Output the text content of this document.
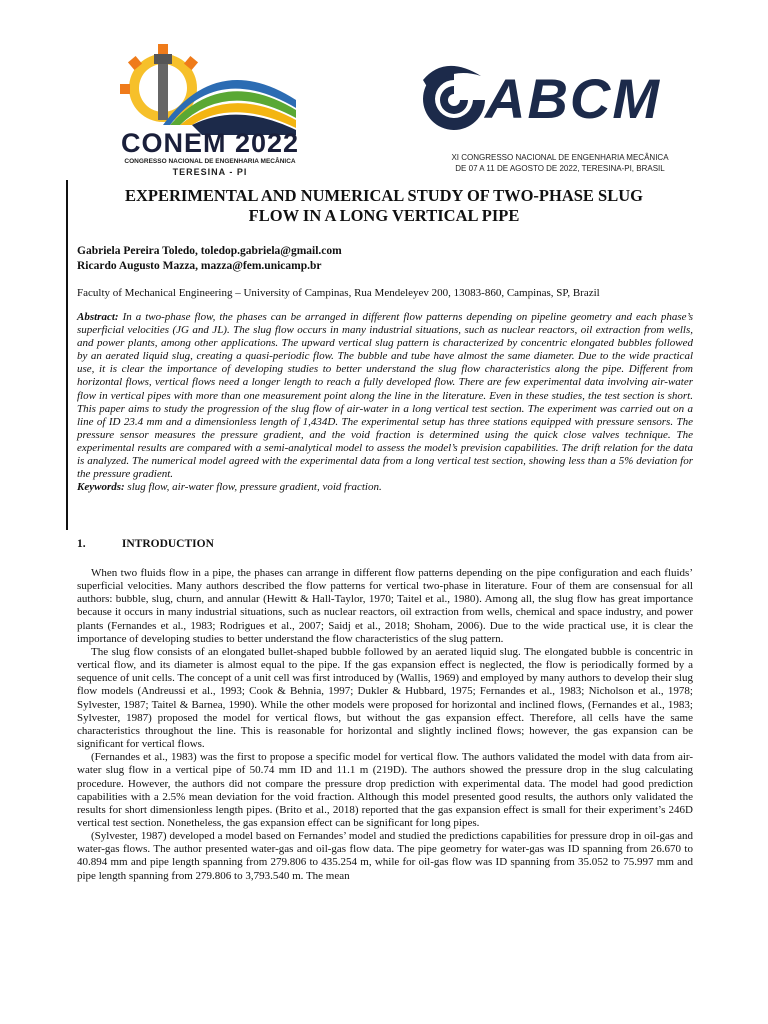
CONEM 2022
CONGRESSO NACIONAL DE ENGENHARIA MECÂNICA
TERESINA - PI
ABCM
XI CONGRESSO NACIONAL DE ENGENHARIA MECÂNICA
DE 07 A 11 DE AGOSTO DE 2022, TERESINA-PI, BRASIL
EXPERIMENTAL AND NUMERICAL STUDY OF TWO-PHASE SLUG
FLOW IN A LONG VERTICAL PIPE
Gabriela Pereira Toledo, toledop.gabriela@gmail.com
Ricardo Augusto Mazza, mazza@fem.unicamp.br
Faculty of Mechanical Engineering – University of Campinas, Rua Mendeleyev 200, 13083-860, Campinas, SP, Brazil
Abstract: In a two-phase flow, the phases can be arranged in different flow patterns depending on pipeline geometry and each phase’s superficial velocities (JG and JL). The slug flow occurs in many industrial situations, such as nuclear reactors, oil extraction from wells, and power plants, among other applications. The upward vertical slug pattern is characterized by concentric elongated bubbles followed by an aerated liquid slug, creating a quasi-periodic flow. The bubble and tube have almost the same diameter. Due to the wide practical use, it is clear the importance of developing studies to better understand the slug flow characteristics along the pipe. Different from horizontal flows, vertical flows need a longer length to reach a fully developed flow. There are few experimental data involving air-water flow in vertical pipes with more than one measurement point along the line in the literature. Even in these studies, the test section is short. This paper aims to study the progression of the slug flow of air-water in a long vertical test section. The experiment was carried out on a line of ID 23.4 mm and a dimensionless length of 1,434D. The experimental setup has three stations equipped with pressure sensors. The pressure sensor measures the pressure gradient, and the void fraction is determined using the quick close valves technique. The experimental results are compared with a semi-analytical model to assess the model’s prevision capabilities. The drift relation for the data is analyzed. The numerical model agreed with the experimental data from a long vertical test section, showing less than a 5% deviation for the pressure gradient.
Keywords: slug flow, air-water flow, pressure gradient, void fraction.
1.	INTRODUCTION

When two fluids flow in a pipe, the phases can arrange in different flow patterns depending on the pipe configuration and each fluids’ superficial velocities. Many authors described the flow patterns for vertical two-phase in literature. Four of them are consensual for all authors: bubble, slug, churn, and annular (Hewitt & Hall-Taylor, 1970; Taitel et al., 1980). Among all, the slug flow has great importance because it occurs in many industrial situations, such as nuclear reactors, oil extraction from wells, chemical and space industry, and power plants (Fernandes et al., 1983; Rodrigues et al., 2007; Saidj et al., 2018; Shoham, 2006). Due to the wide practical use, it is clear the importance of developing studies to better understand the flow characteristics of the slug pattern.

The slug flow consists of an elongated bullet-shaped bubble followed by an aerated liquid slug. The elongated bubble is concentric in vertical flow, and its diameter is almost equal to the pipe. If the gas expansion effect is neglected, the flow is periodically formed by a sequence of unit cells. The concept of a unit cell was first introduced by (Wallis, 1969) and employed by many authors to develop their slug flow models (Andreussi et al., 1993; Cook & Behnia, 1997; Dukler & Hubbard, 1975; Fernandes et al., 1983; Nicholson et al., 1978; Sylvester, 1987; Taitel & Barnea, 1990). While the other models were proposed for horizontal and inclined flows, (Fernandes et al., 1983; Sylvester, 1987) proposed the model for vertical flows, but without the gas expansion effect. Therefore, all cells have the same characteristics throughout the line. This is reasonable for horizontal and slightly inclined flows; however, the gas expansion can be significant for vertical flows.

(Fernandes et al., 1983) was the first to propose a specific model for vertical flow. The authors validated the model with data from air-water slug flow in a vertical pipe of 50.74 mm ID and 11.1 m (219D). The authors showed the pressure drop in the slug calculating procedure. However, the authors did not compare the pressure drop prediction with experimental data. The model had good prediction capabilities with a 2.5% mean deviation for the void fraction. Although this model presented good results, the authors only validated the results for short dimensionless length pipes. (Brito et al., 2018) reported that the gas expansion effect is small for their experiment’s 246D vertical test section. Nonetheless, the gas expansion effect can be significant for long pipes.

(Sylvester, 1987) developed a model based on Fernandes’ model and studied the predictions capabilities for pressure drop in oil-gas and water-gas flows. The author presented water-gas and oil-gas flow data. The pipe geometry for water-gas was ID spanning from 26.670 to 40.894 mm and pipe length spanning from 279.806 to 435.254 m, while for oil-gas flow was ID spanning from 35.052 to 75.997 mm and pipe length spanning from 279.806 to 3,793.540 m. The mean
